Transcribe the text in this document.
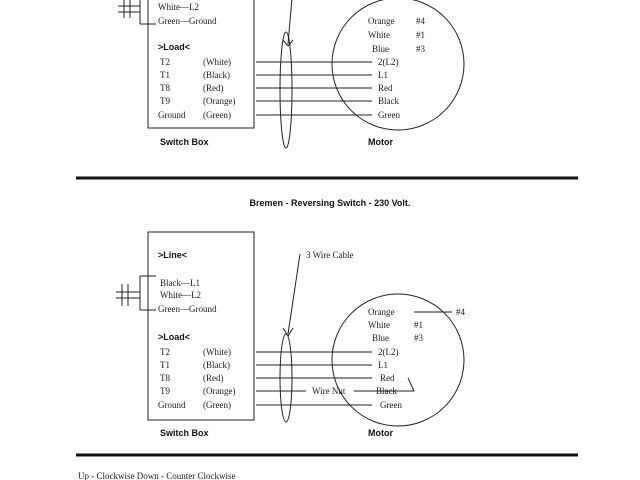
White—L2
Green—Ground
>Load<
T2
T1
T8
T9
Ground
(White)
(Black)
(Red)
(Orange)
(Green)
Orange
White
Blue
#4
#1
#3
2(L2)
L1
Red
Black
Green
Switch Box	Motor
Bremen - Reversing Switch - 230 Volt.
>Line<
Black—L1
White—L2
Green—Ground
>Load<
T2
T1
T8
T9
Ground
(White)
(Black)
(Red)
(Orange)
(Green)
3 Wire Cable
Wire Nut
Orange
White
Blue
#4
#1
#3
2(L2)
L1
Red
Black
Green
Switch Box	Motor
Up - Clockwise Down - Counter Clockwise
